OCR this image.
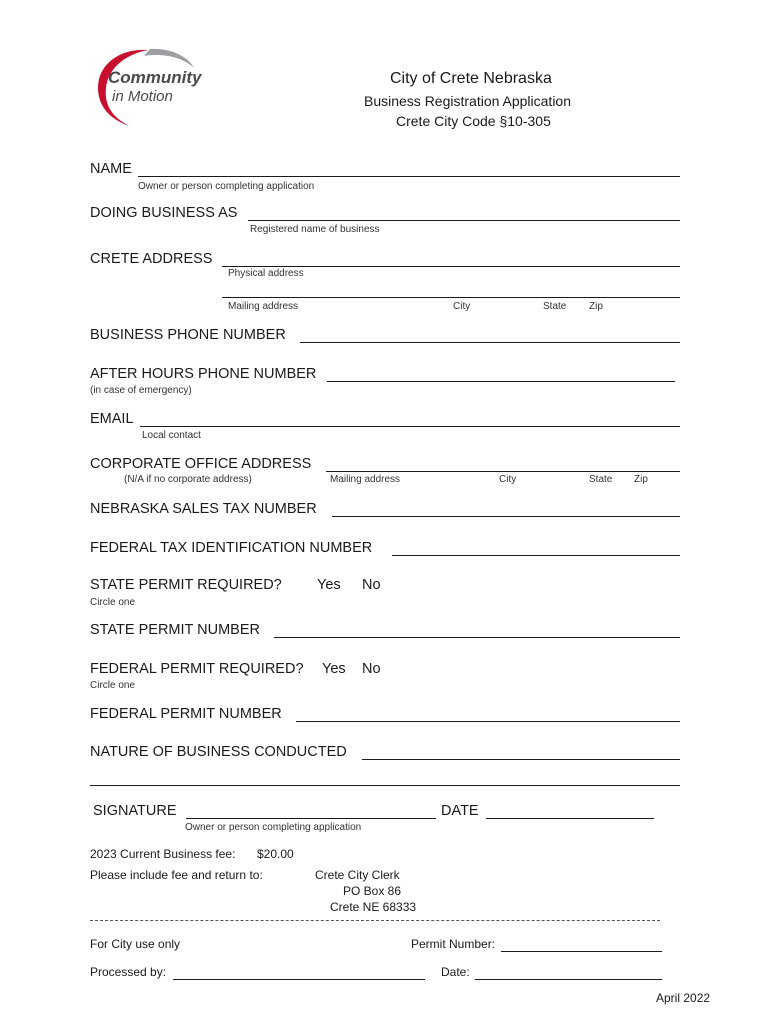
Community
in Motion
City of Crete Nebraska
Business Registration Application
Crete City Code §10-305
NAME
Owner or person completing application
DOING BUSINESS AS
Registered name of business
CRETE ADDRESS
Physical address
Mailing address	City	State Zip
BUSINESS PHONE NUMBER
AFTER HOURS PHONE NUMBER
(in case of emergency)
EMAIL
Local contact
CORPORATE OFFICE ADDRESS
(N/A if no corporate address)	Mailing address	City	State Zip
NEBRASKA SALES TAX NUMBER
FEDERAL TAX IDENTIFICATION NUMBER
STATE PERMIT REQUIRED? Yes No
Circle one
STATE PERMIT NUMBER
FEDERAL PERMIT REQUIRED? Yes No
Circle one
FEDERAL PERMIT NUMBER
NATURE OF BUSINESS CONDUCTED
SIGNATURE
Owner or person completing application
DATE
2023 Current Business fee: $20.00
Please include fee and return to:	Crete City Clerk
PO Box 86
Crete NE 68333
For City use only	Permit Number:
Processed by:	Date:
April 2022
